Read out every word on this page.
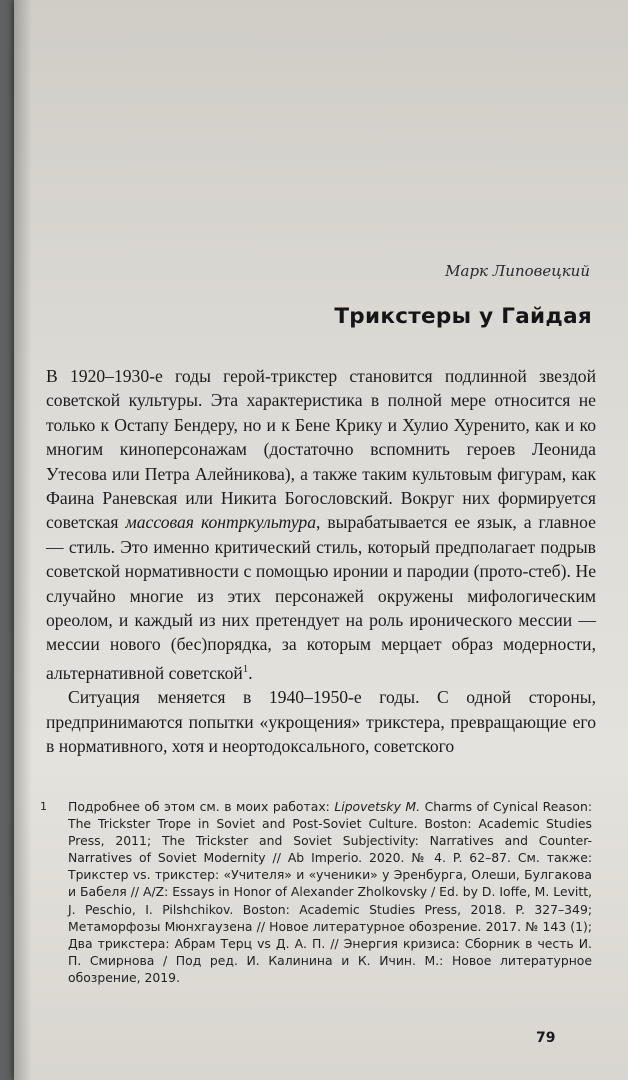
Марк Липовецкий
Трикстеры у Гайдая

В 1920–1930-е годы герой-трикстер становится подлинной звездой советской культуры. Эта характеристика в полной мере относится не только к Остапу Бендеру, но и к Бене Крику и Хулио Хуренито, как и ко многим киноперсонажам (достаточно вспомнить героев Леонида Утесова или Петра Алейникова), а также таким культовым фигурам, как Фаина Раневская или Никита Богословский. Вокруг них формируется советская массовая контркультура, вырабатывается ее язык, а главное — стиль. Это именно критический стиль, который предполагает подрыв советской нормативности с помощью иронии и пародии (прото-стеб). Не случайно многие из этих персонажей окружены мифологическим ореолом, и каждый из них претендует на роль иронического мессии — мессии нового (бес)порядка, за которым мерцает образ модерности, альтернативной советской$^1$.

Ситуация меняется в 1940–1950-е годы. С одной стороны, предпринимаются попытки «укрощения» трикстера, превращающие его в нормативного, хотя и неортодоксального, советского

1 Подробнее об этом см. в моих работах: Lipovetsky M. Charms of Cynical Reason: The Trickster Trope in Soviet and Post-Soviet Culture. Boston: Academic Studies Press, 2011; The Trickster and Soviet Subjectivity: Narratives and Counter-Narratives of Soviet Modernity // Ab Imperio. 2020. № 4. P. 62–87. См. также: Трикстер vs. трикстер: «Учителя» и «ученики» у Эренбурга, Олеши, Булгакова и Бабеля // A/Z: Essays in Honor of Alexander Zholkovsky / Ed. by D. Ioffe, M. Levitt, J. Peschio, I. Pilshchikov. Boston: Academic Studies Press, 2018. P. 327–349; Метаморфозы Мюнхгаузена // Новое литературное обозрение. 2017. № 143 (1); Два трикстера: Абрам Терц vs Д. А. П. // Энергия кризиса: Сборник в честь И. П. Смирнова / Под ред. И. Калинина и К. Ичин. М.: Новое литературное обозрение, 2019.
79
